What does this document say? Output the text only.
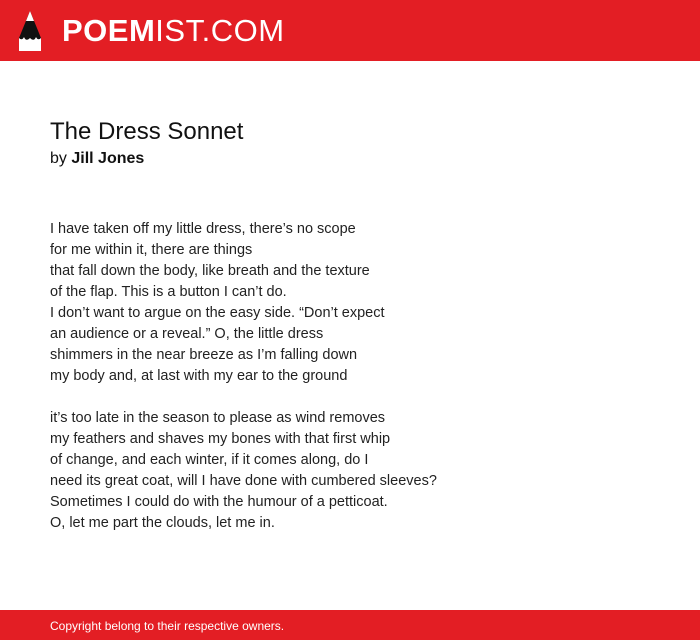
POEMIST.COM
The Dress Sonnet
by Jill Jones
I have taken off my little dress, there’s no scope
for me within it, there are things
that fall down the body, like breath and the texture
of the flap. This is a button I can’t do.
I don’t want to argue on the easy side. “Don’t expect
an audience or a reveal.” O, the little dress
shimmers in the near breeze as I’m falling down
my body and, at last with my ear to the ground
it’s too late in the season to please as wind removes
my feathers and shaves my bones with that first whip
of change, and each winter, if it comes along, do I
need its great coat, will I have done with cumbered sleeves?
Sometimes I could do with the humour of a petticoat.
O, let me part the clouds, let me in.
Copyright belong to their respective owners.
